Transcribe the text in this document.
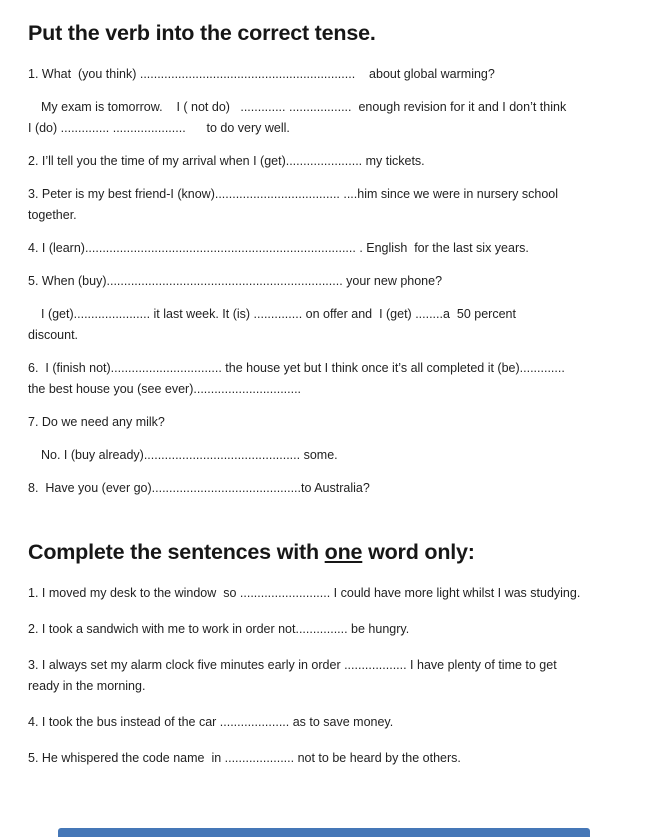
Put the verb into the correct tense.

1. What  (you think) ..............................................................    about global warming?

My exam is tomorrow.    I ( not do)   ............. ..................  enough revision for it and I don’t think

I (do) .............. .....................      to do very well.

2. I’ll tell you the time of my arrival when I (get)...................... my tickets.

3. Peter is my best friend-I (know).................................... ....him since we were in nursery school

together.

4. I (learn).............................................................................. . English  for the last six years.

5. When (buy).................................................................... your new phone?

I (get)...................... it last week. It (is) .............. on offer and  I (get) ........a  50 percent

discount.

6.  I (finish not)................................ the house yet but I think once it’s all completed it (be).............

the best house you (see ever)...............................

7. Do we need any milk?

No. I (buy already)............................................. some.

8.  Have you (ever go)...........................................to Australia?

Complete the sentences with one word only:

1. I moved my desk to the window  so .......................... I could have more light whilst I was studying.

2. I took a sandwich with me to work in order not............... be hungry.

3. I always set my alarm clock five minutes early in order .................. I have plenty of time to get

ready in the morning.

4. I took the bus instead of the car .................... as to save money.

5. He whispered the code name  in .................... not to be heard by the others.
